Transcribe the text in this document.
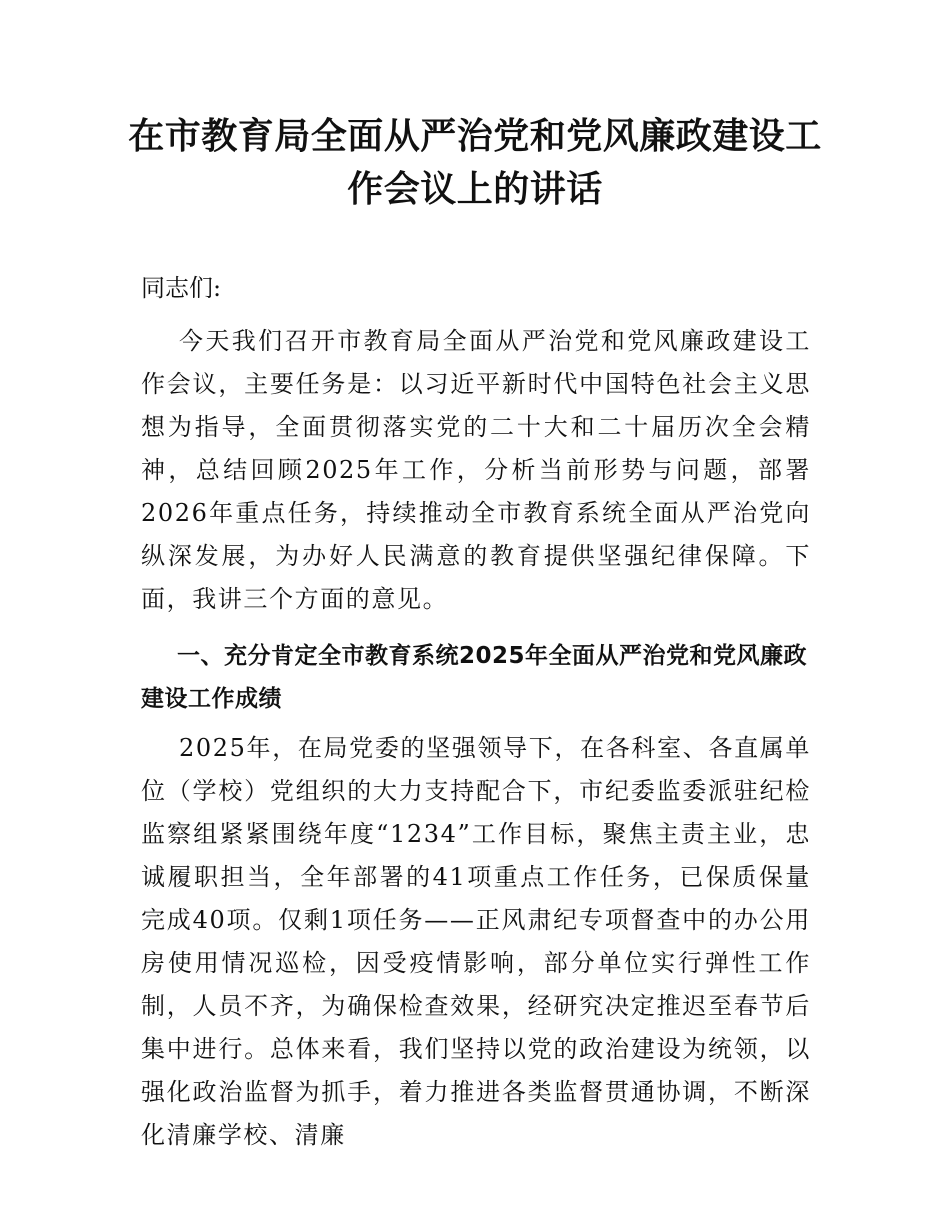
在市教育局全面从严治党和党风廉政建设工
作会议上的讲话
同志们:
今天我们召开市教育局全面从严治党和党风廉政建设工作会议，主要任务是：以习近平新时代中国特色社会主义思想为指导，全面贯彻落实党的二十大和二十届历次全会精神，总结回顾2025年工作，分析当前形势与问题，部署2026年重点任务，持续推动全市教育系统全面从严治党向纵深发展，为办好人民满意的教育提供坚强纪律保障。下面，我讲三个方面的意见。
一、充分肯定全市教育系统2025年全面从严治党和党风廉政建设工作成绩
2025年，在局党委的坚强领导下，在各科室、各直属单位（学校）党组织的大力支持配合下，市纪委监委派驻纪检监察组紧紧围绕年度“1234”工作目标，聚焦主责主业，忠诚履职担当，全年部署的41项重点工作任务，已保质保量完成40项。仅剩1项任务——正风肃纪专项督查中的办公用房使用情况巡检，因受疫情影响，部分单位实行弹性工作制，人员不齐，为确保检查效果，经研究决定推迟至春节后集中进行。总体来看，我们坚持以党的政治建设为统领，以强化政治监督为抓手，着力推进各类监督贯通协调，不断深化清廉学校、清廉
